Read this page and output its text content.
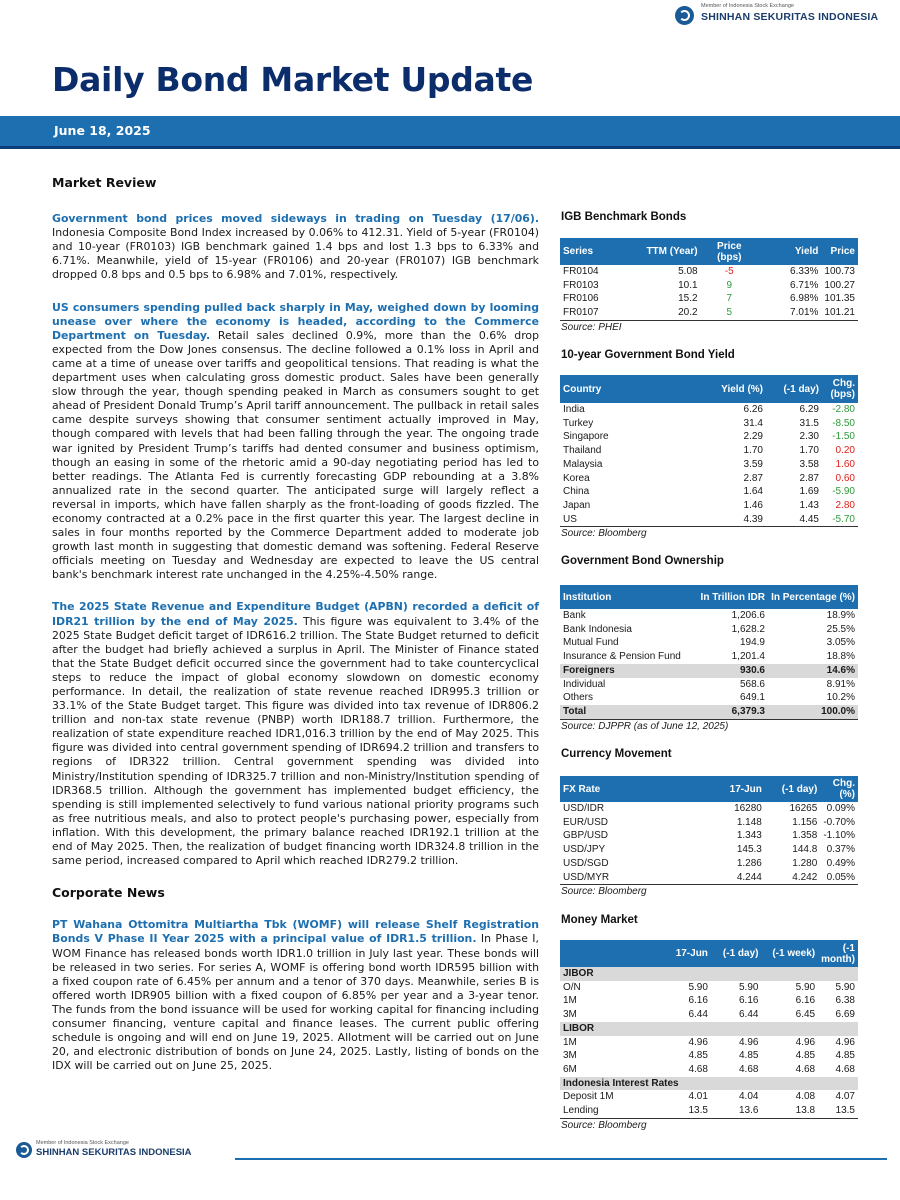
Member of Indonesia Stock Exchange
SHINHAN SEKURITAS INDONESIA
Daily Bond Market Update
June 18, 2025
Market Review

Government bond prices moved sideways in trading on Tuesday (17/06). Indonesia Composite Bond Index increased by 0.06% to 412.31. Yield of 5-year (FR0104) and 10-year (FR0103) IGB benchmark gained 1.4 bps and lost 1.3 bps to 6.33% and 6.71%. Meanwhile, yield of 15-year (FR0106) and 20-year (FR0107) IGB benchmark dropped 0.8 bps and 0.5 bps to 6.98% and 7.01%, respectively.

US consumers spending pulled back sharply in May, weighed down by looming unease over where the economy is headed, according to the Commerce Department on Tuesday. Retail sales declined 0.9%, more than the 0.6% drop expected from the Dow Jones consensus. The decline followed a 0.1% loss in April and came at a time of unease over tariffs and geopolitical tensions. That reading is what the department uses when calculating gross domestic product. Sales have been generally slow through the year, though spending peaked in March as consumers sought to get ahead of President Donald Trump’s April tariff announcement. The pullback in retail sales came despite surveys showing that consumer sentiment actually improved in May, though compared with levels that had been falling through the year. The ongoing trade war ignited by President Trump’s tariffs had dented consumer and business optimism, though an easing in some of the rhetoric amid a 90-day negotiating period has led to better readings. The Atlanta Fed is currently forecasting GDP rebounding at a 3.8% annualized rate in the second quarter. The anticipated surge will largely reflect a reversal in imports, which have fallen sharply as the front-loading of goods fizzled. The economy contracted at a 0.2% pace in the first quarter this year. The largest decline in sales in four months reported by the Commerce Department added to moderate job growth last month in suggesting that domestic demand was softening. Federal Reserve officials meeting on Tuesday and Wednesday are expected to leave the US central bank's benchmark interest rate unchanged in the 4.25%-4.50% range.

The 2025 State Revenue and Expenditure Budget (APBN) recorded a deficit of IDR21 trillion by the end of May 2025. This figure was equivalent to 3.4% of the 2025 State Budget deficit target of IDR616.2 trillion. The State Budget returned to deficit after the budget had briefly achieved a surplus in April. The Minister of Finance stated that the State Budget deficit occurred since the government had to take countercyclical steps to reduce the impact of global economy slowdown on domestic economy performance. In detail, the realization of state revenue reached IDR995.3 trillion or 33.1% of the State Budget target. This figure was divided into tax revenue of IDR806.2 trillion and non-tax state revenue (PNBP) worth IDR188.7 trillion. Furthermore, the realization of state expenditure reached IDR1,016.3 trillion by the end of May 2025. This figure was divided into central government spending of IDR694.2 trillion and transfers to regions of IDR322 trillion. Central government spending was divided into Ministry/Institution spending of IDR325.7 trillion and non-Ministry/Institution spending of IDR368.5 trillion. Although the government has implemented budget efficiency, the spending is still implemented selectively to fund various national priority programs such as free nutritious meals, and also to protect people's purchasing power, especially from inflation. With this development, the primary balance reached IDR192.1 trillion at the end of May 2025. Then, the realization of budget financing worth IDR324.8 trillion in the same period, increased compared to April which reached IDR279.2 trillion.

Corporate News

PT Wahana Ottomitra Multiartha Tbk (WOMF) will release Shelf Registration Bonds V Phase II Year 2025 with a principal value of IDR1.5 trillion. In Phase I, WOM Finance has released bonds worth IDR1.0 trillion in July last year. These bonds will be released in two series. For series A, WOMF is offering bond worth IDR595 billion with a fixed coupon rate of 6.45% per annum and a tenor of 370 days. Meanwhile, series B is offered worth IDR905 billion with a fixed coupon of 6.85% per year and a 3-year tenor. The funds from the bond issuance will be used for working capital for financing including consumer financing, venture capital and finance leases. The current public offering schedule is ongoing and will end on June 19, 2025. Allotment will be carried out on June 20, and electronic distribution of bonds on June 24, 2025. Lastly, listing of bonds on the IDX will be carried out on June 25, 2025.

IGB Benchmark Bonds
Series	TTM (Year)	Price (bps)	Yield	Price
FR0104	5.08	-5	6.33%	100.73
FR0103	10.1	9	6.71%	100.27
FR0106	15.2	7	6.98%	101.35
FR0107	20.2	5	7.01%	101.21
Source: PHEI
10-year Government Bond Yield
Country	Yield (%)	(-1 day)	Chg. (bps)
India	6.26	6.29	-2.80
Turkey	31.4	31.5	-8.50
Singapore	2.29	2.30	-1.50
Thailand	1.70	1.70	0.20
Malaysia	3.59	3.58	1.60
Korea	2.87	2.87	0.60
China	1.64	1.69	-5.90
Japan	1.46	1.43	2.80
US	4.39	4.45	-5.70
Source: Bloomberg
Government Bond Ownership
Institution	In Trillion IDR	In Percentage (%)
Bank	1,206.6	18.9%
Bank Indonesia	1,628.2	25.5%
Mutual Fund	194.9	3.05%
Insurance & Pension Fund	1,201.4	18.8%
Foreigners	930.6	14.6%
Individual	568.6	8.91%
Others	649.1	10.2%
Total	6,379.3	100.0%
Source: DJPPR (as of June 12, 2025)
Currency Movement
FX Rate	17-Jun	(-1 day)	Chg. (%)
USD/IDR	16280	16265	0.09%
EUR/USD	1.148	1.156	-0.70%
GBP/USD	1.343	1.358	-1.10%
USD/JPY	145.3	144.8	0.37%
USD/SGD	1.286	1.280	0.49%
USD/MYR	4.244	4.242	0.05%
Source: Bloomberg
Money Market
	17-Jun	(-1 day)	(-1 week)	(-1 month)
JIBOR				
O/N	5.90	5.90	5.90	5.90
1M	6.16	6.16	6.16	6.38
3M	6.44	6.44	6.45	6.69
LIBOR				
1M	4.96	4.96	4.96	4.96
3M	4.85	4.85	4.85	4.85
6M	4.68	4.68	4.68	4.68
Indonesia Interest Rates				
Deposit 1M	4.01	4.04	4.08	4.07
Lending	13.5	13.6	13.8	13.5
Source: Bloomberg
Member of Indonesia Stock Exchange
SHINHAN SEKURITAS INDONESIA
